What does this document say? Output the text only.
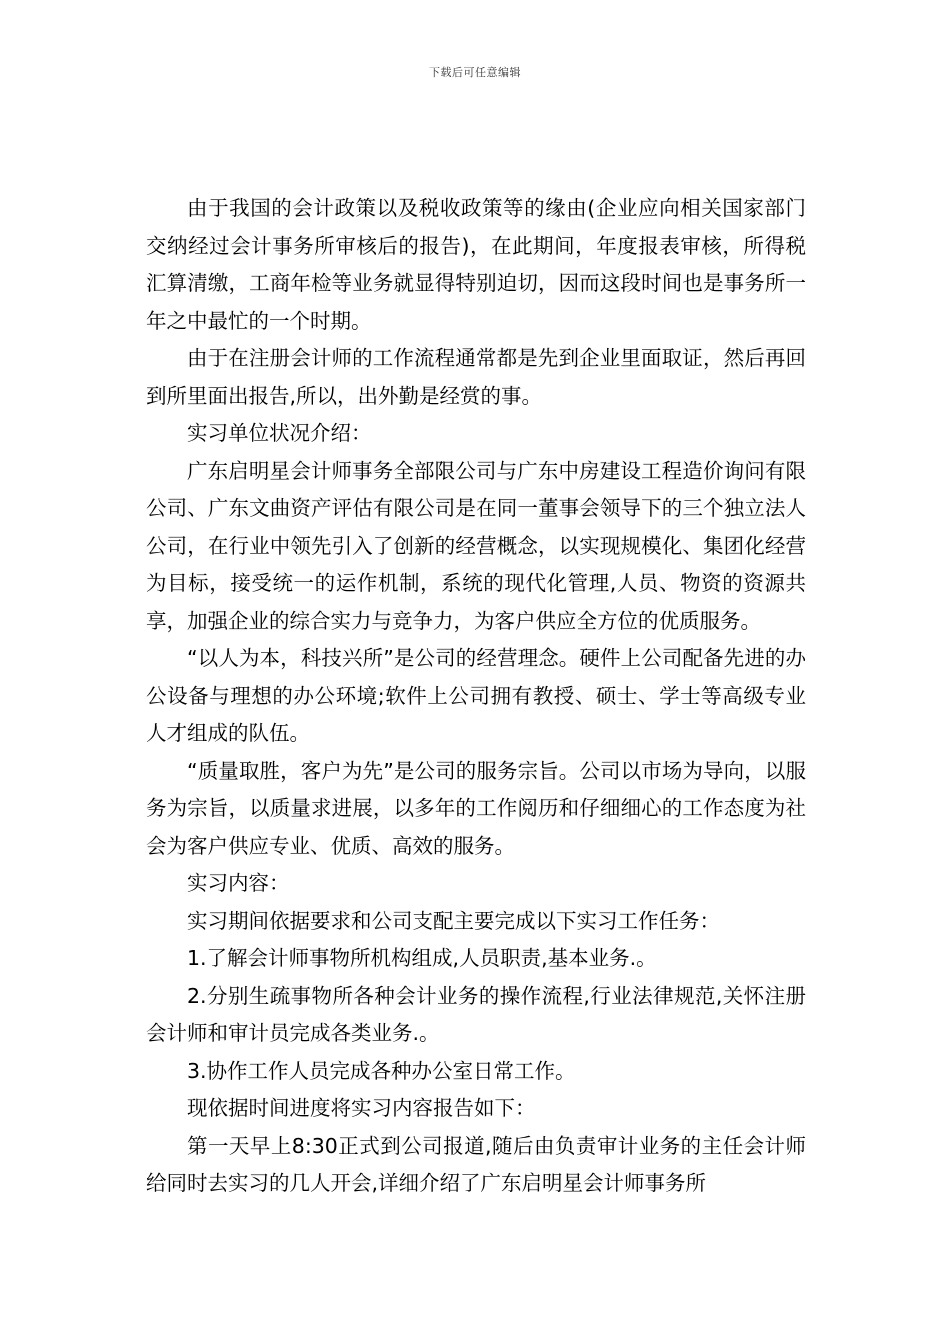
下载后可任意编辑

由于我国的会计政策以及税收政策等的缘由(企业应向相关国家部门交纳经过会计事务所审核后的报告)，在此期间，年度报表审核，所得税汇算清缴，工商年检等业务就显得特别迫切，因而这段时间也是事务所一年之中最忙的一个时期。

由于在注册会计师的工作流程通常都是先到企业里面取证，然后再回到所里面出报告,所以，出外勤是经赏的事。

实习单位状况介绍：

广东启明星会计师事务全部限公司与广东中房建设工程造价询问有限公司、广东文曲资产评估有限公司是在同一董事会领导下的三个独立法人公司，在行业中领先引入了创新的经营概念，以实现规模化、集团化经营为目标，接受统一的运作机制，系统的现代化管理,人员、物资的资源共享，加强企业的综合实力与竞争力，为客户供应全方位的优质服务。

“以人为本，科技兴所”是公司的经营理念。硬件上公司配备先进的办公设备与理想的办公环境;软件上公司拥有教授、硕士、学士等高级专业人才组成的队伍。

“质量取胜，客户为先”是公司的服务宗旨。公司以市场为导向，以服务为宗旨，以质量求进展，以多年的工作阅历和仔细细心的工作态度为社会为客户供应专业、优质、高效的服务。

实习内容：

实习期间依据要求和公司支配主要完成以下实习工作任务：

1.了解会计师事物所机构组成,人员职责,基本业务.。

2.分别生疏事物所各种会计业务的操作流程,行业法律规范,关怀注册会计师和审计员完成各类业务.。

3.协作工作人员完成各种办公室日常工作。

现依据时间进度将实习内容报告如下：

第一天早上8:30正式到公司报道,随后由负责审计业务的主任会计师给同时去实习的几人开会,详细介绍了广东启明星会计师事务所
